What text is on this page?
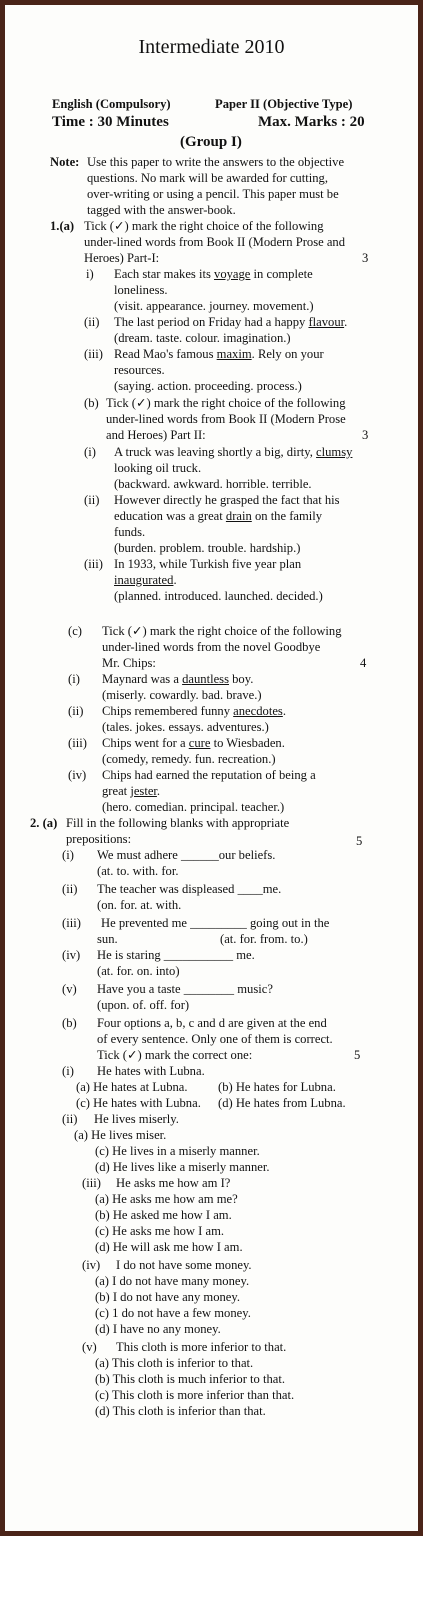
Intermediate 2010
English (Compulsory)	Paper II (Objective Type)
Time : 30 Minutes	Max. Marks : 20
(Group I)
Note: Use this paper to write the answers to the objective
questions. No mark will be awarded for cutting,
over-writing or using a pencil. This paper must be
tagged with the answer-book.
1.(a) Tick (✓) mark the right choice of the following
under-lined words from Book II (Modern Prose and
Heroes) Part-I:	3
i) Each star makes its voyage in complete
loneliness.
(visit. appearance. journey. movement.)
(ii) The last period on Friday had a happy flavour.
(dream. taste. colour. imagination.)
(iii) Read Mao's famous maxim. Rely on your
resources.
(saying. action. proceeding. process.)
(b) Tick (✓) mark the right choice of the following
under-lined words from Book II (Modern Prose
and Heroes) Part II:	3
(i) A truck was leaving shortly a big, dirty, clumsy
looking oil truck.
(backward. awkward. horrible. terrible.
(ii) However directly he grasped the fact that his
education was a great drain on the family
funds.
(burden. problem. trouble. hardship.)
(iii) In 1933, while Turkish five year plan
inaugurated.
(planned. introduced. launched. decided.)
(c) Tick (✓) mark the right choice of the following
under-lined words from the novel Goodbye
Mr. Chips:	4
(i) Maynard was a dauntless boy.
(miserly. cowardly. bad. brave.)
(ii) Chips remembered funny anecdotes.
(tales. jokes. essays. adventures.)
(iii) Chips went for a cure to Wiesbaden.
(comedy, remedy. fun. recreation.)
(iv) Chips had earned the reputation of being a
great jester.
(hero. comedian. principal. teacher.)
2. (a) Fill in the following blanks with appropriate
prepositions:	5
(i) We must adhere ______our beliefs.
(at. to. with. for.
(ii) The teacher was displeased ____me.
(on. for. at. with.
(iii) He prevented me _________ going out in the
sun.	(at. for. from. to.)
(iv) He is staring ___________ me.
(at. for. on. into)
(v) Have you a taste ________ music?
(upon. of. off. for)
(b) Four options a, b, c and d are given at the end
of every sentence. Only one of them is correct.
Tick (✓) mark the correct one:	5
(i) He hates with Lubna.
(a) He hates at Lubna. (b) He hates for Lubna.
(c) He hates with Lubna. (d) He hates from Lubna.
(ii) He lives miserly.
(a) He lives miser.
(c) He lives in a miserly manner.
(d) He lives like a miserly manner.
(iii) He asks me how am I?
(a) He asks me how am me?
(b) He asked me how I am.
(c) He asks me how I am.
(d) He will ask me how I am.
(iv) I do not have some money.
(a) I do not have many money.
(b) I do not have any money.
(c) 1 do not have a few money.
(d) I have no any money.
(v) This cloth is more inferior to that.
(a) This cloth is inferior to that.
(b) This cloth is much inferior to that.
(c) This cloth is more inferior than that.
(d) This cloth is inferior than that.
